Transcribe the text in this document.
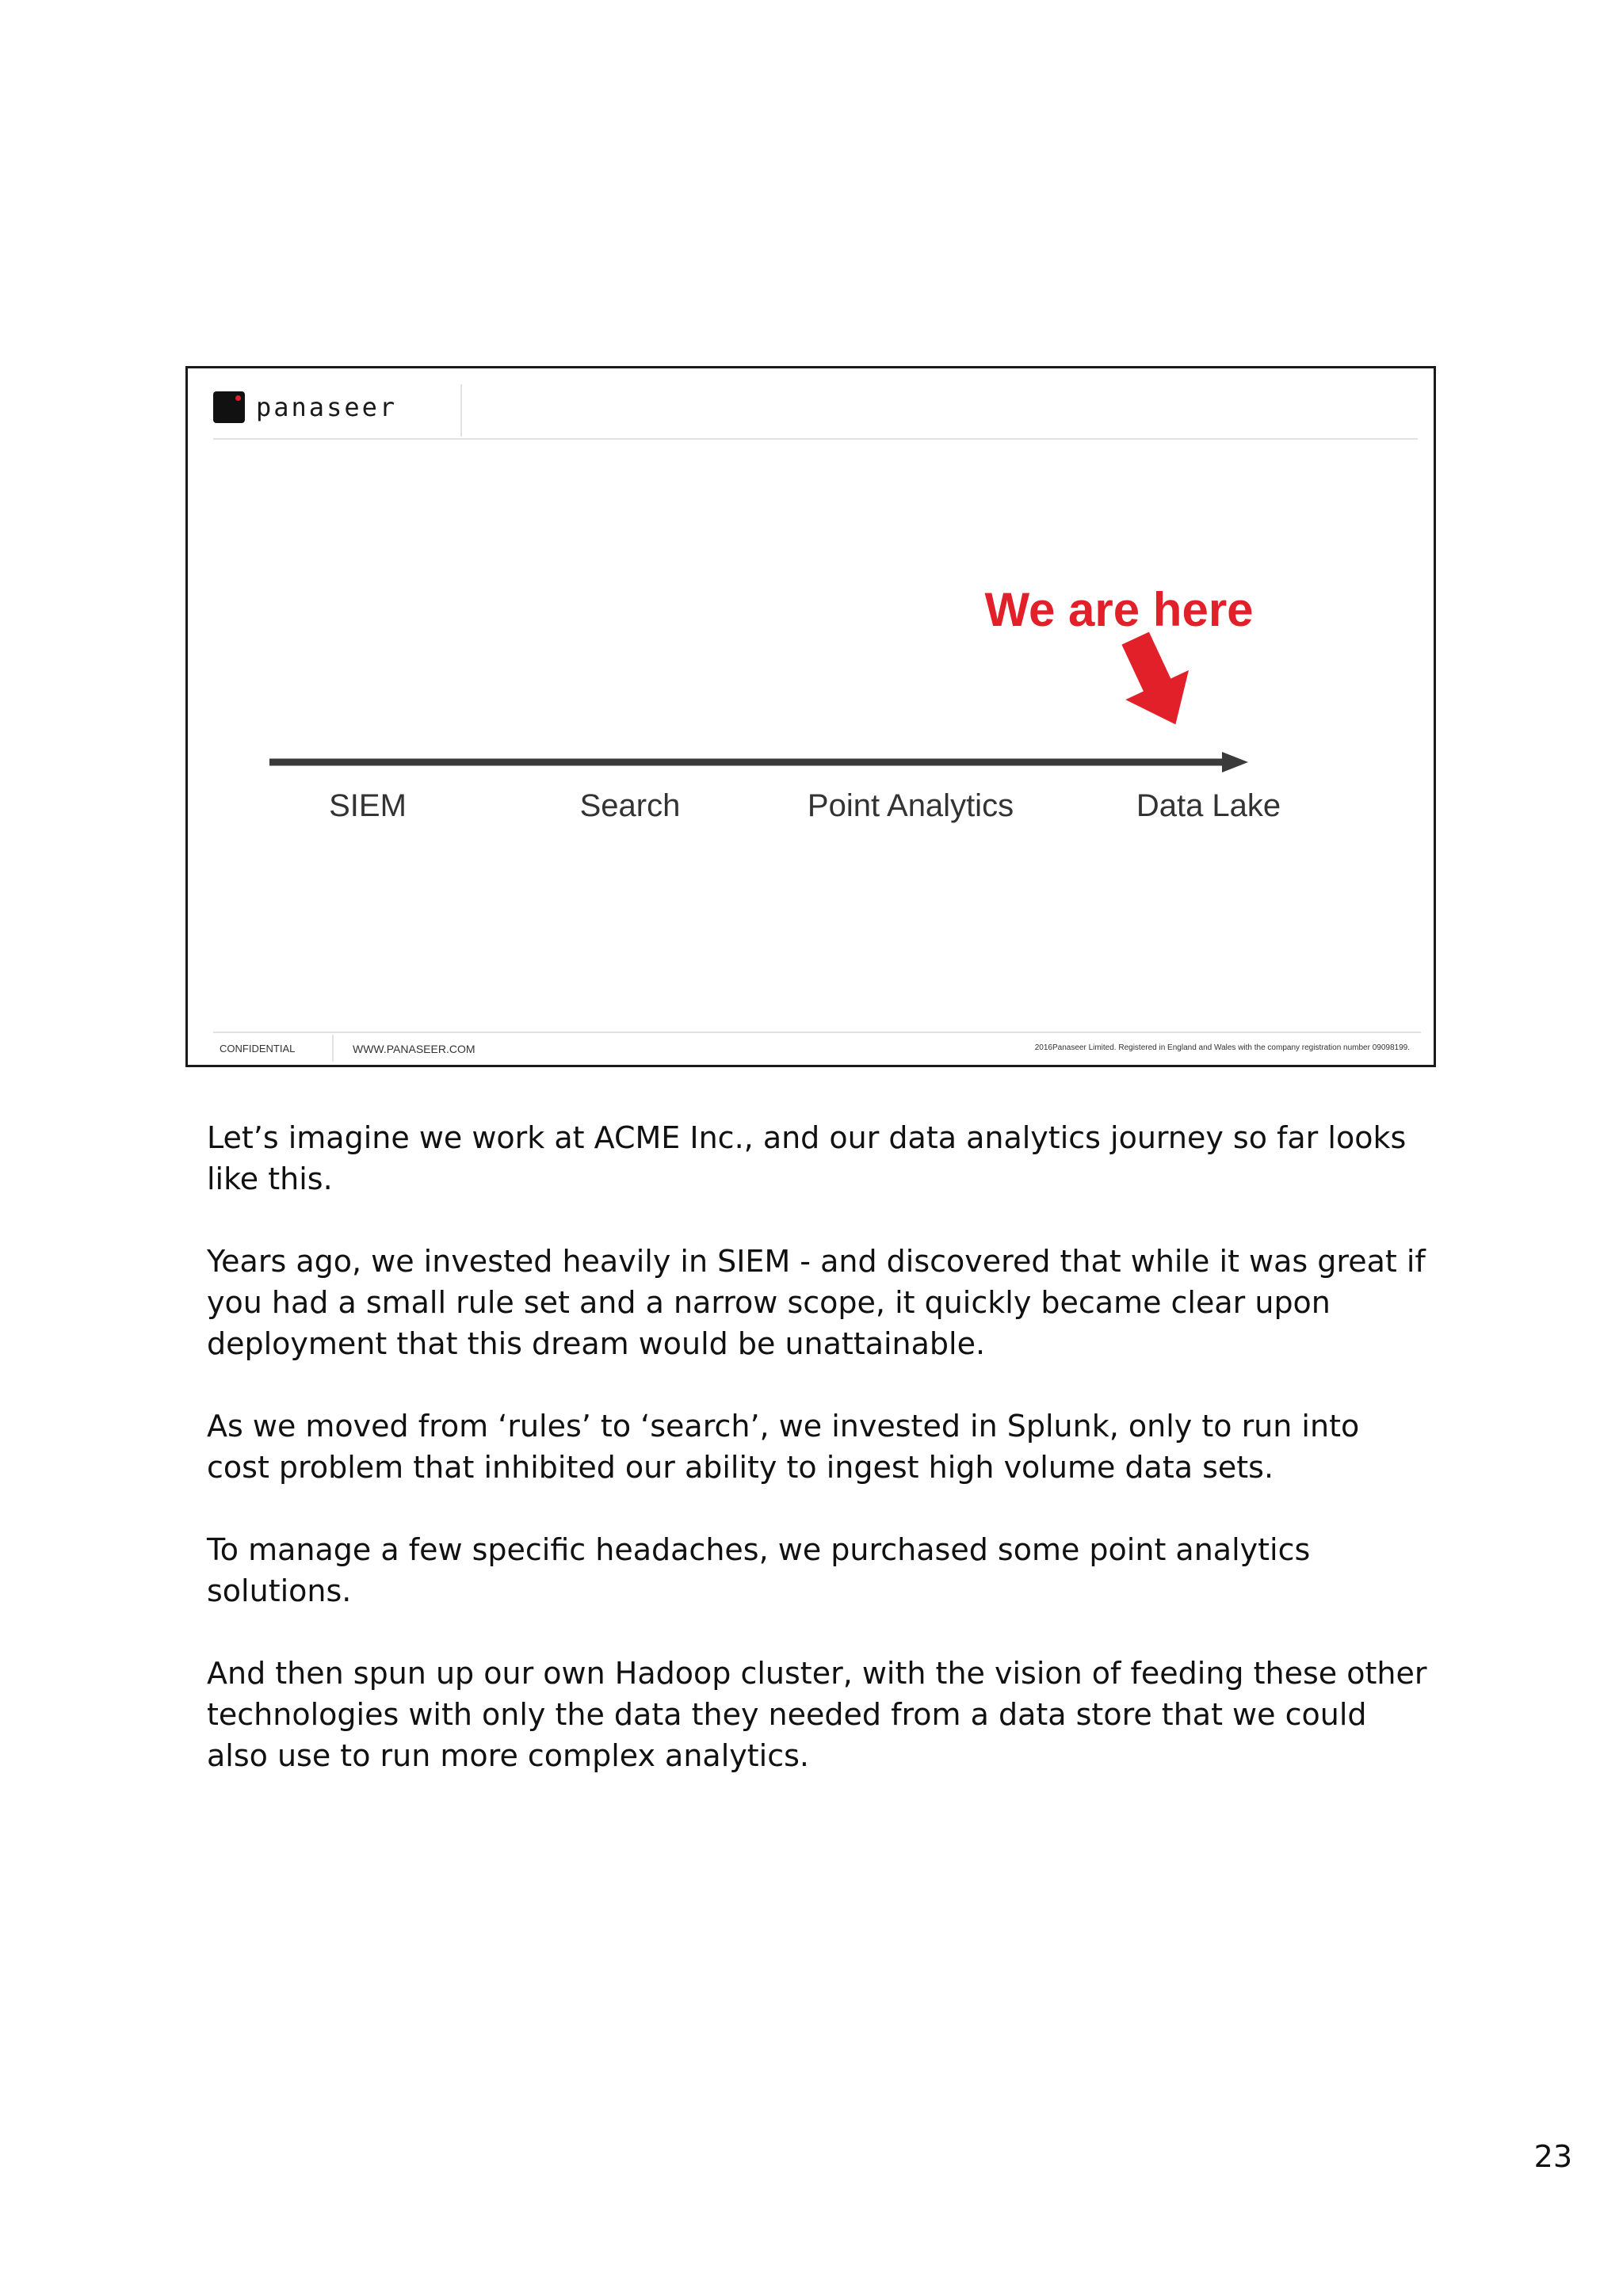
panaseer
We are here
SIEM	Search	Point Analytics	Data Lake
CONFIDENTIAL	WWW.PANASEER.COM	2016Panaseer Limited. Registered in England and Wales with the company registration number 09098199.

Let’s imagine we work at ACME Inc., and our data analytics journey so far looks like this.

Years ago, we invested heavily in SIEM - and discovered that while it was great if you had a small rule set and a narrow scope, it quickly became clear upon deployment that this dream would be unattainable.

As we moved from ‘rules’ to ‘search’, we invested in Splunk, only to run into cost problem that inhibited our ability to ingest high volume data sets.

To manage a few specific headaches, we purchased some point analytics solutions.

And then spun up our own Hadoop cluster, with the vision of feeding these other technologies with only the data they needed from a data store that we could also use to run more complex analytics.

23
